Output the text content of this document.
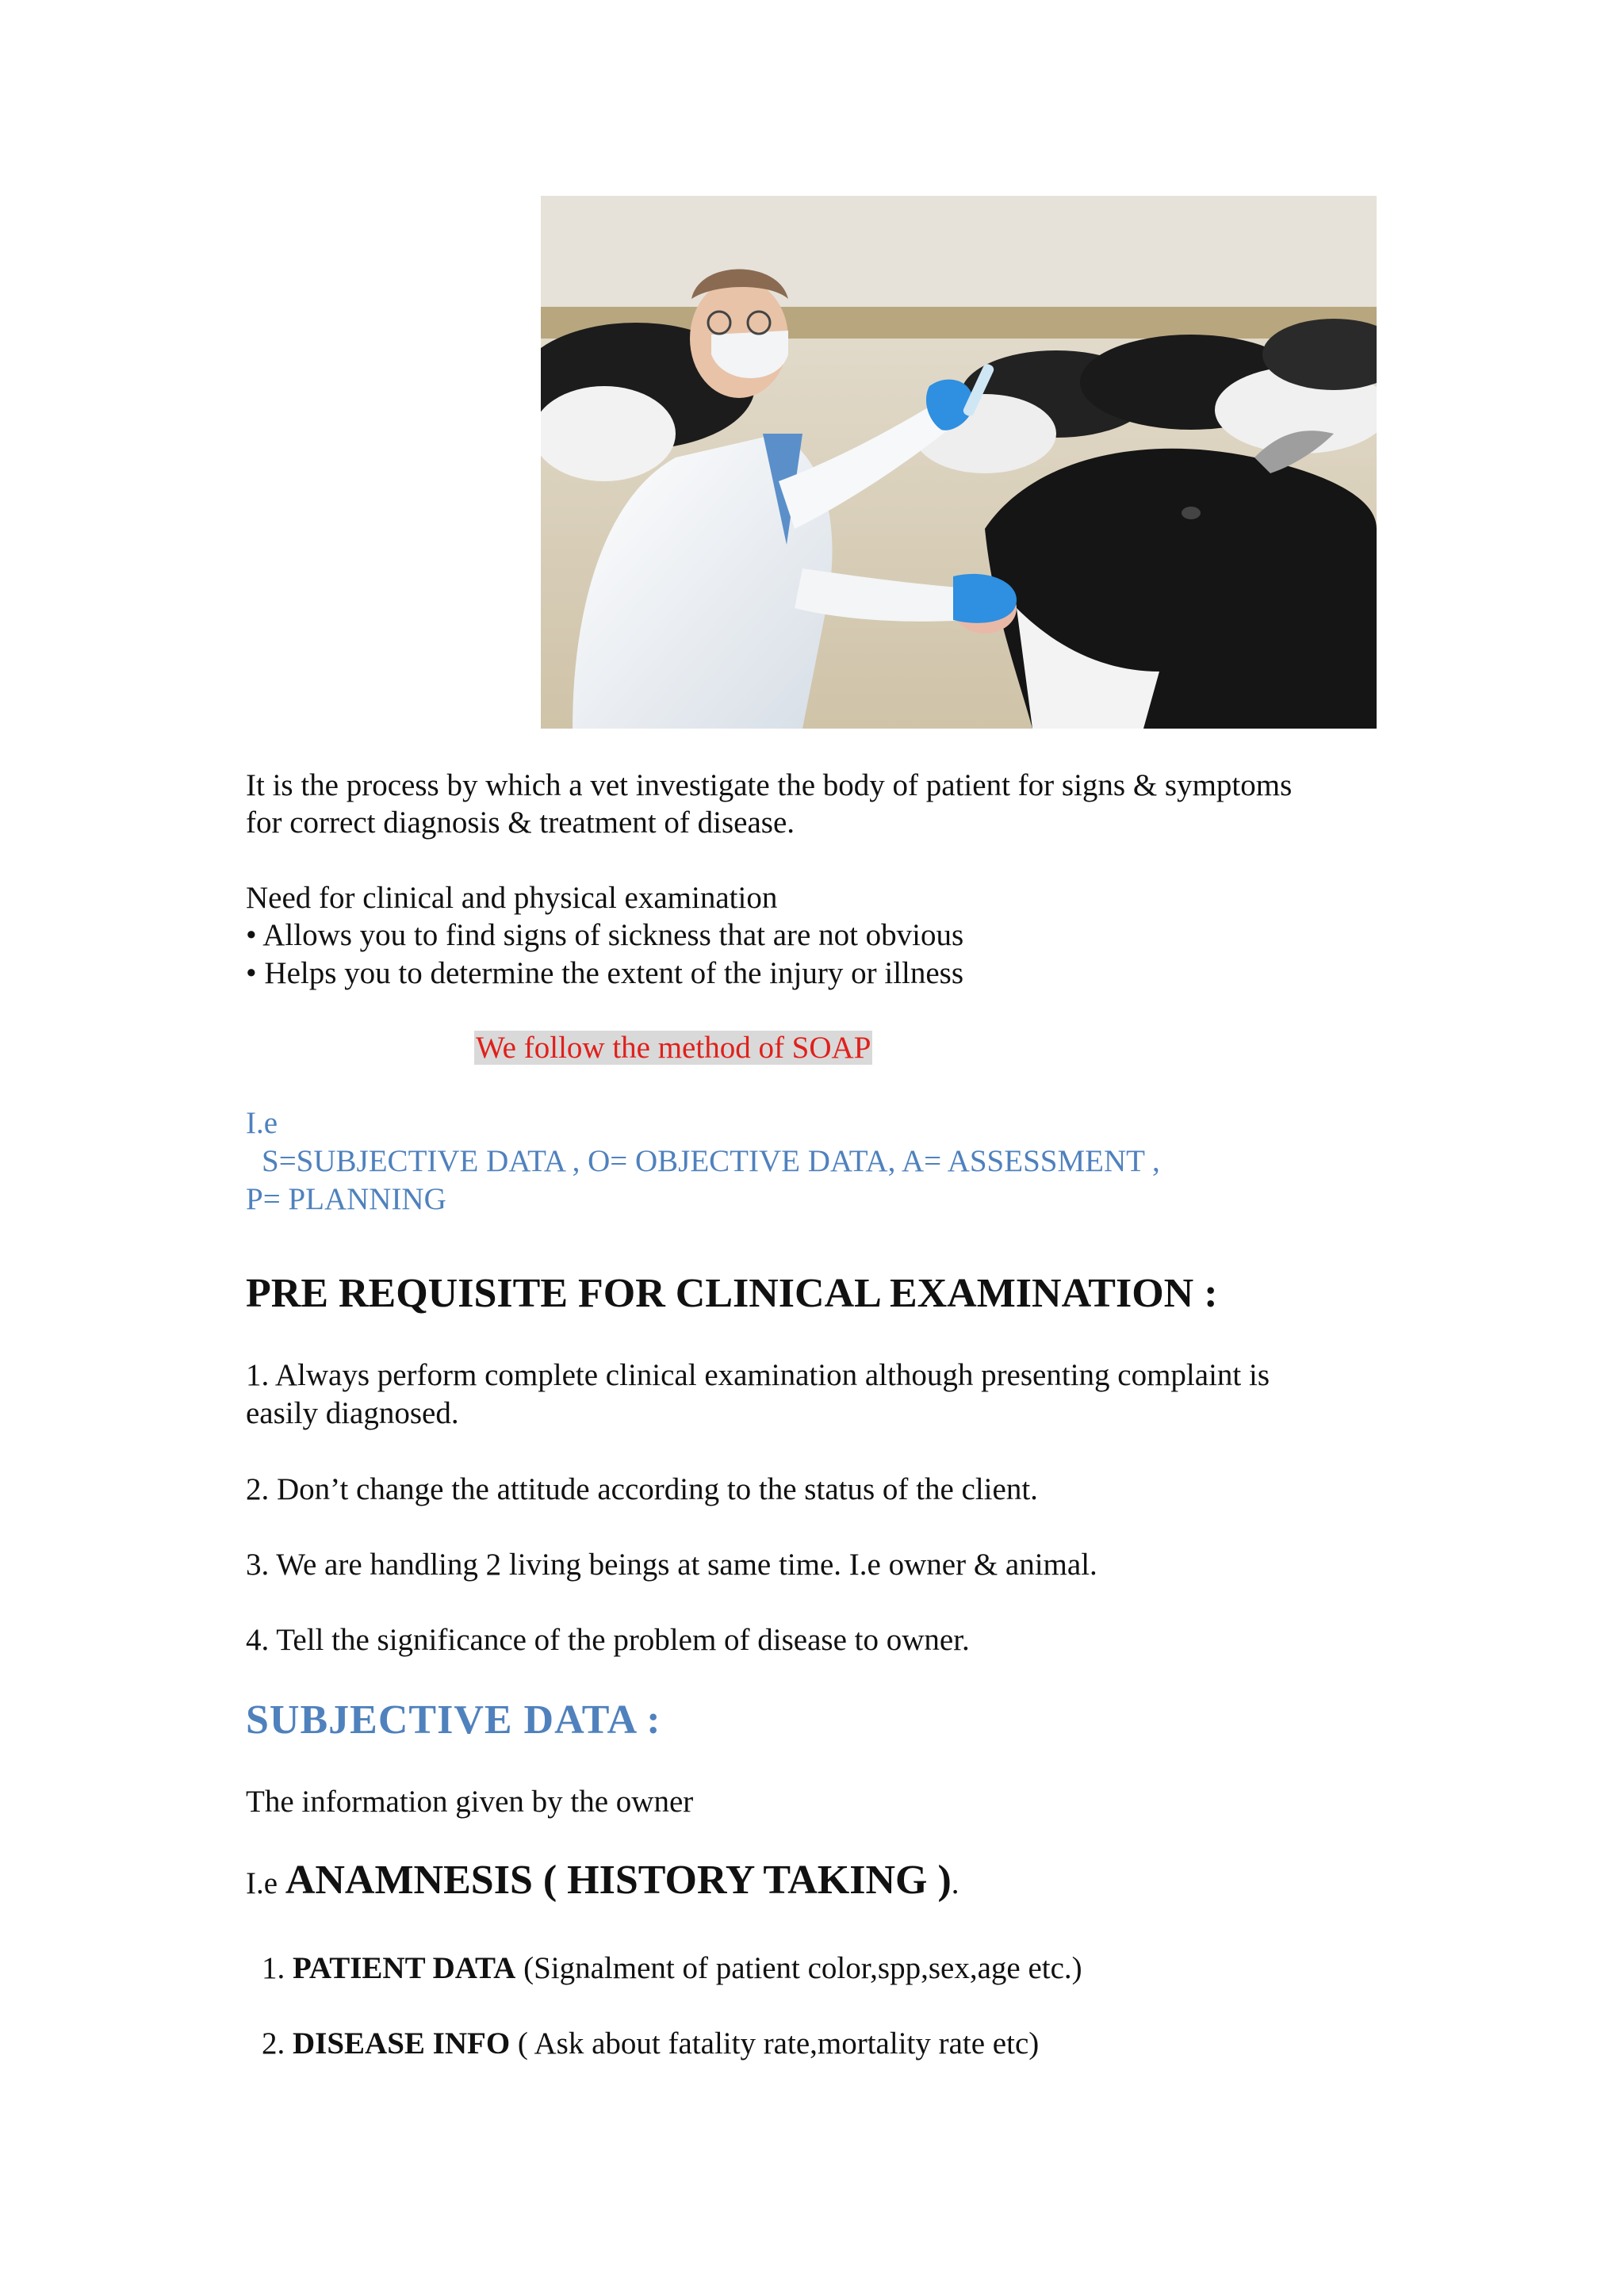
It is the process by which a vet investigate the body of patient for signs & symptoms
for correct diagnosis & treatment of disease.
Need for clinical and physical examination
• Allows you to find signs of sickness that are not obvious
• Helps you to determine the extent of the injury or illness
We follow the method of SOAP
I.e
S=SUBJECTIVE DATA , O= OBJECTIVE DATA, A= ASSESSMENT ,
P= PLANNING
PRE REQUISITE FOR CLINICAL EXAMINATION :
1. Always perform complete clinical examination although presenting complaint is
easily diagnosed.
2. Don’t change the attitude according to the status of the client.
3. We are handling 2 living beings at same time. I.e owner & animal.
4. Tell the significance of the problem of disease to owner.
SUBJECTIVE DATA :
The information given by the owner
I.e ANAMNESIS ( HISTORY TAKING ).
1. PATIENT DATA (Signalment of patient color,spp,sex,age etc.)
2. DISEASE INFO ( Ask about fatality rate,mortality rate etc)
